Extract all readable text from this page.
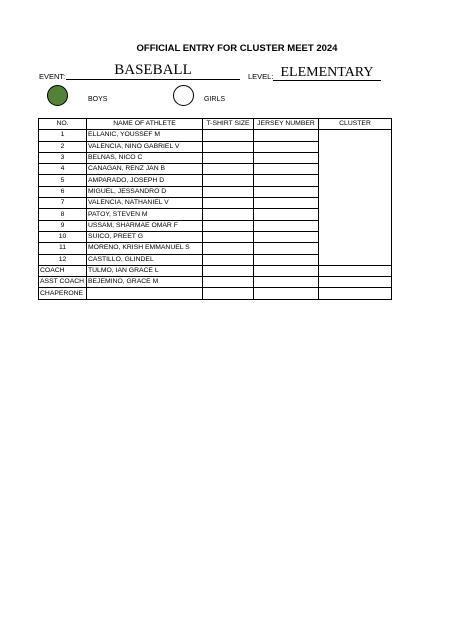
OFFICIAL ENTRY FOR CLUSTER MEET 2024
EVENT:	BASEBALL	LEVEL: ELEMENTARY
BOYS	GIRLS
NO.	NAME OF ATHLETE	T-SHIRT SIZE	JERSEY NUMBER	CLUSTER
1	ELLANIC, YOUSSEF M			
2	VALENCIA, NINO GABRIEL V			
3	BELNAS, NICO C			
4	CANAGAN, RENZ JAN B			
5	AMPARADO, JOSEPH D			
6	MIGUEL, JESSANDRO D			
7	VALENCIA, NATHANIEL V			
8	PATOY, STEVEN M			
9	USSAM, SHARMAE OMAR F			
10	SUICO, PREET G			
11	MORENO, KRISH EMMANUEL S			
12	CASTILLO, GLINDEL			
COACH	TULMO, IAN GRACE L			
ASST COACH	BEJEMINO, GRACE M			
CHAPERONE				
